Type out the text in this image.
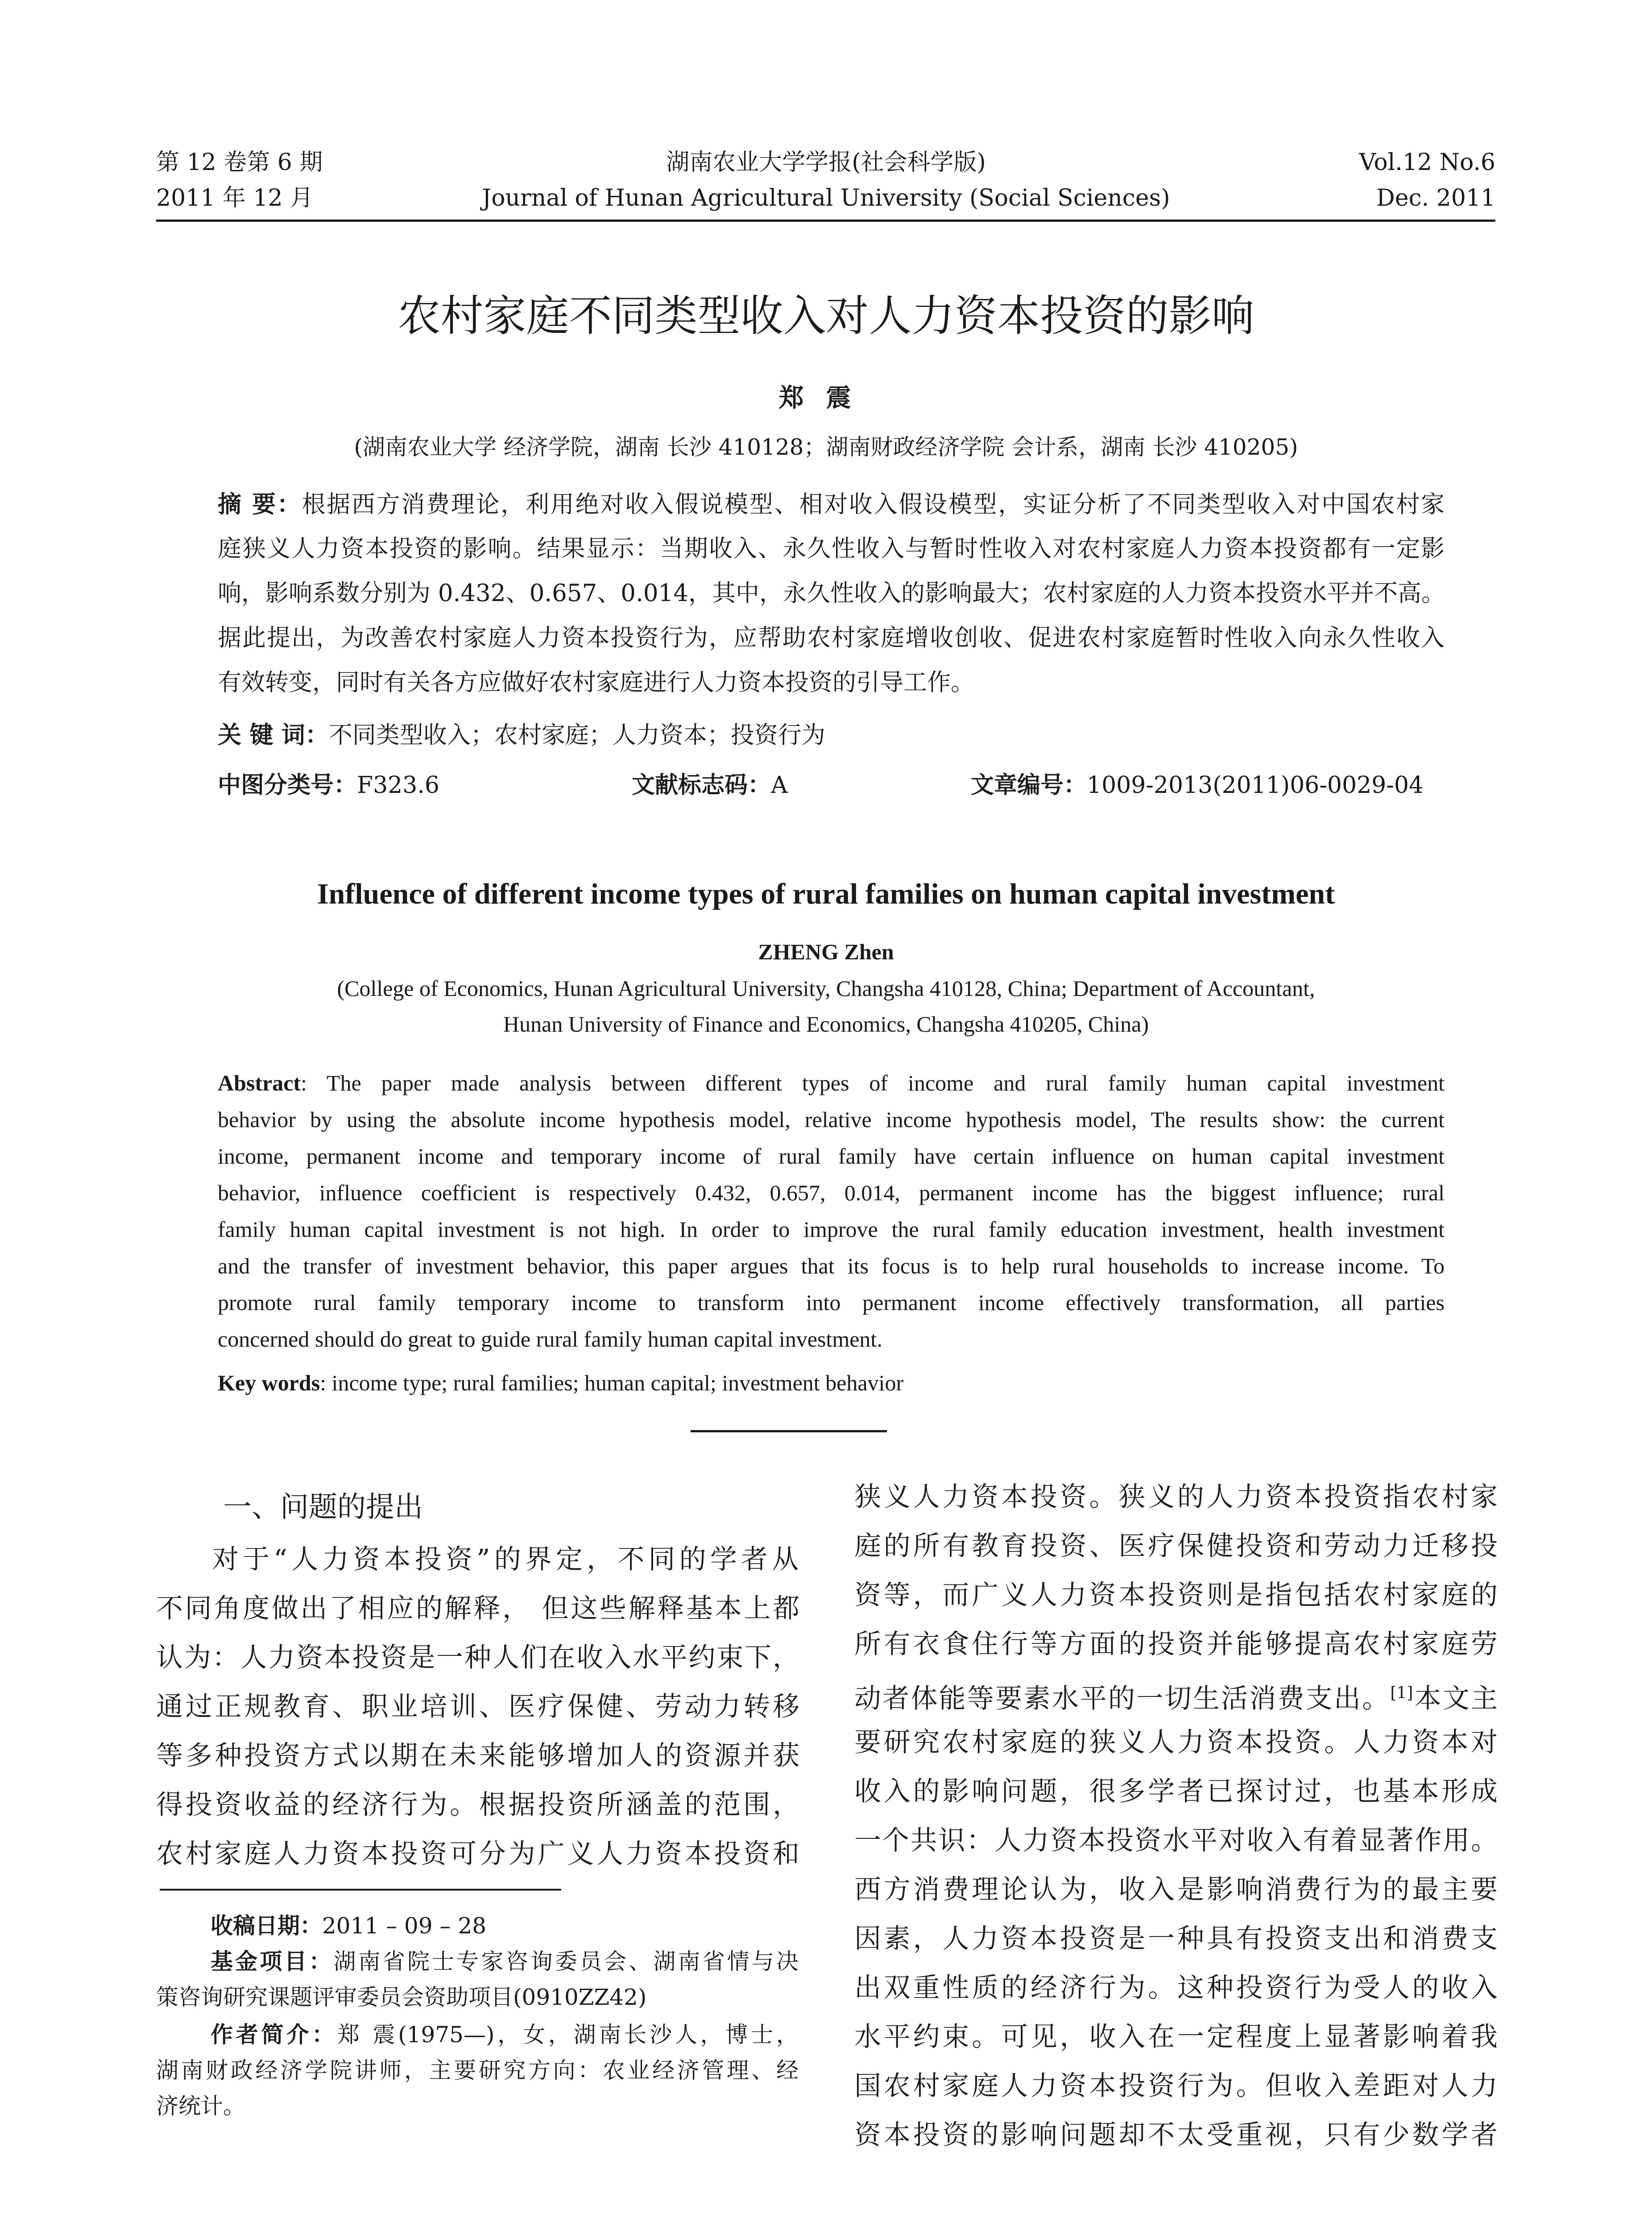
第 12 卷第 6 期
2011 年 12 月
湖南农业大学学报(社会科学版)
Journal of Hunan Agricultural University (Social Sciences)
Vol.12 No.6
Dec. 2011
农村家庭不同类型收入对人力资本投资的影响
郑震
(湖南农业大学 经济学院，湖南 长沙 410128；湖南财政经济学院 会计系，湖南 长沙 410205)
摘 要：根据西方消费理论，利用绝对收入假说模型、相对收入假设模型，实证分析了不同类型收入对中国农村家
庭狭义人力资本投资的影响。结果显示：当期收入、永久性收入与暂时性收入对农村家庭人力资本投资都有一定影
响，影响系数分别为 0.432、0.657、0.014，其中，永久性收入的影响最大；农村家庭的人力资本投资水平并不高。
据此提出，为改善农村家庭人力资本投资行为，应帮助农村家庭增收创收、促进农村家庭暂时性收入向永久性收入
有效转变，同时有关各方应做好农村家庭进行人力资本投资的引导工作。
关 键 词：不同类型收入；农村家庭；人力资本；投资行为
中图分类号：F323.6	文献标志码：A	文章编号：1009-2013(2011)06-0029-04
Influence of different income types of rural families on human capital investment
ZHENG Zhen
(College of Economics, Hunan Agricultural University, Changsha 410128, China; Department of Accountant,
Hunan University of Finance and Economics, Changsha 410205, China)
Abstract: The paper made analysis between different types of income and rural family human capital investment
behavior by using the absolute income hypothesis model, relative income hypothesis model, The results show: the current
income, permanent income and temporary income of rural family have certain influence on human capital investment
behavior, influence coefficient is respectively 0.432, 0.657, 0.014, permanent income has the biggest influence; rural
family human capital investment is not high. In order to improve the rural family education investment, health investment
and the transfer of investment behavior, this paper argues that its focus is to help rural households to increase income. To
promote rural family temporary income to transform into permanent income effectively transformation, all parties
concerned should do great to guide rural family human capital investment.
Key words: income type; rural families; human capital; investment behavior
一、问题的提出
对于“人力资本投资”的界定，不同的学者从
不同角度做出了相应的解释， 但这些解释基本上都
认为：人力资本投资是一种人们在收入水平约束下，
通过正规教育、职业培训、医疗保健、劳动力转移
等多种投资方式以期在未来能够增加人的资源并获
得投资收益的经济行为。根据投资所涵盖的范围，
农村家庭人力资本投资可分为广义人力资本投资和
收稿日期：2011 – 09 – 28
基金项目：湖南省院士专家咨询委员会、湖南省情与决
策咨询研究课题评审委员会资助项目(0910ZZ42)
作者简介：郑 震(1975—)，女，湖南长沙人，博士，
湖南财政经济学院讲师，主要研究方向：农业经济管理、经
济统计。
狭义人力资本投资。狭义的人力资本投资指农村家
庭的所有教育投资、医疗保健投资和劳动力迁移投
资等，而广义人力资本投资则是指包括农村家庭的
所有衣食住行等方面的投资并能够提高农村家庭劳
动者体能等要素水平的一切生活消费支出。[1]本文主
要研究农村家庭的狭义人力资本投资。人力资本对
收入的影响问题，很多学者已探讨过，也基本形成
一个共识：人力资本投资水平对收入有着显著作用。
西方消费理论认为，收入是影响消费行为的最主要
因素，人力资本投资是一种具有投资支出和消费支
出双重性质的经济行为。这种投资行为受人的收入
水平约束。可见，收入在一定程度上显著影响着我
国农村家庭人力资本投资行为。但收入差距对人力
资本投资的影响问题却不太受重视，只有少数学者
